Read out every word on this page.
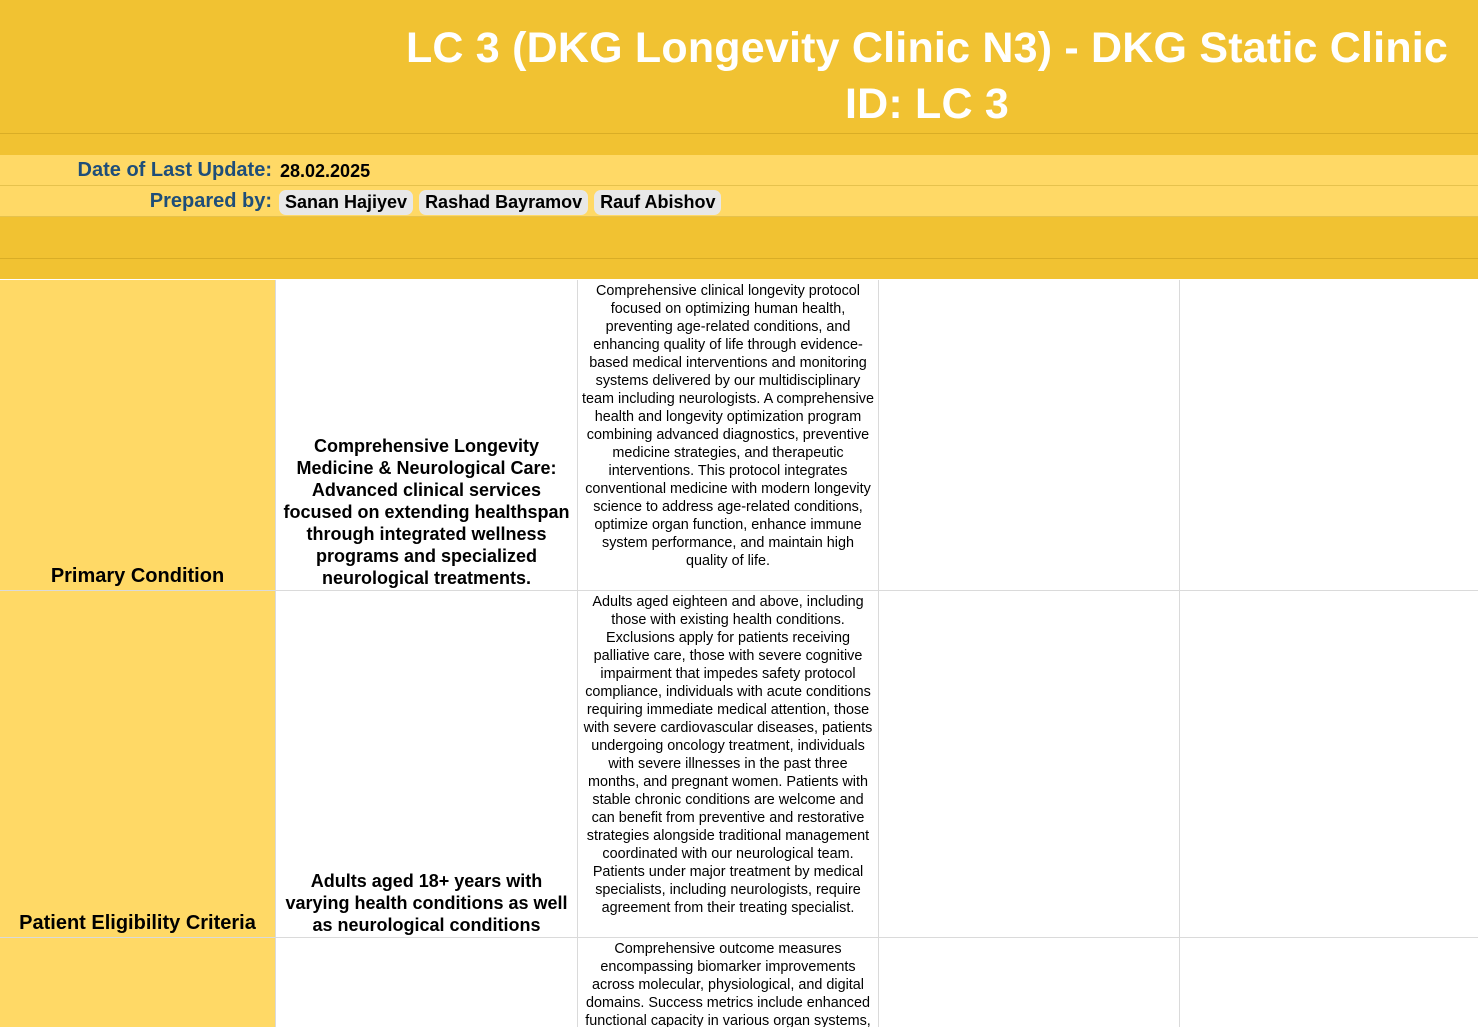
LC 3 (DKG Longevity Clinic N3) - DKG Static Clinic
ID: LC 3
Date of Last Update: 28.02.2025
Prepared by: Sanan Hajiyev	Rashad Bayramov	Rauf Abishov
Primary Condition
Comprehensive Longevity Medicine & Neurological Care: Advanced clinical services focused on extending healthspan through integrated wellness programs and specialized neurological treatments.
Comprehensive clinical longevity protocol focused on optimizing human health, preventing age-related conditions, and enhancing quality of life through evidence-based medical interventions and monitoring systems delivered by our multidisciplinary team including neurologists. A comprehensive health and longevity optimization program combining advanced diagnostics, preventive medicine strategies, and therapeutic interventions. This protocol integrates conventional medicine with modern longevity science to address age-related conditions, optimize organ function, enhance immune system performance, and maintain high quality of life.
Patient Eligibility Criteria
Adults aged 18+ years with varying health conditions as well as neurological conditions
Adults aged eighteen and above, including those with existing health conditions. Exclusions apply for patients receiving palliative care, those with severe cognitive impairment that impedes safety protocol compliance, individuals with acute conditions requiring immediate medical attention, those with severe cardiovascular diseases, patients undergoing oncology treatment, individuals with severe illnesses in the past three months, and pregnant women. Patients with stable chronic conditions are welcome and can benefit from preventive and restorative strategies alongside traditional management coordinated with our neurological team. Patients under major treatment by medical specialists, including neurologists, require agreement from their treating specialist.
Comprehensive outcome measures encompassing biomarker improvements across molecular, physiological, and digital domains. Success metrics include enhanced functional capacity in various organ systems,
